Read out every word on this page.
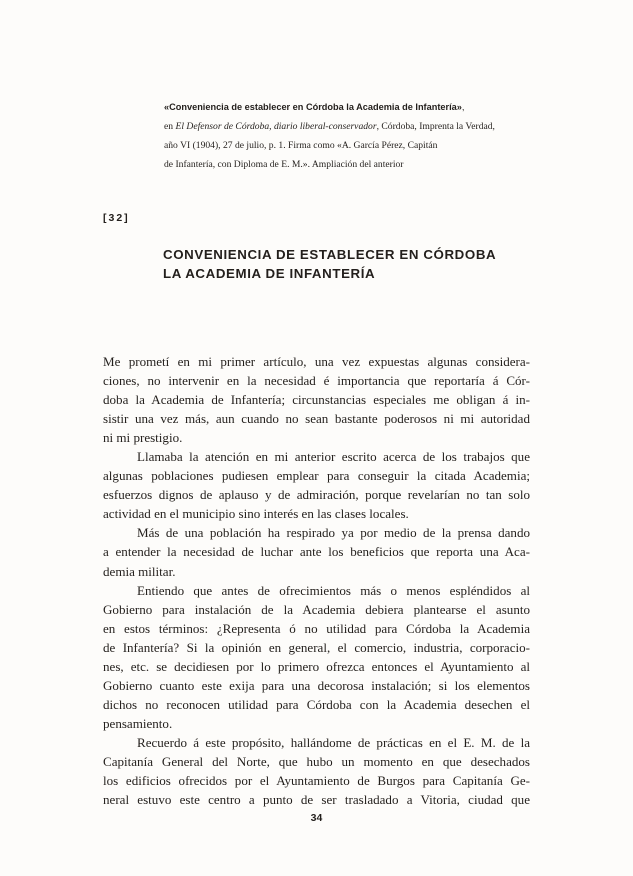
«Conveniencia de establecer en Córdoba la Academia de Infantería»,

en El Defensor de Córdoba, diario liberal-conservador, Córdoba, Imprenta la Verdad,

año VI (1904), 27 de julio, p. 1. Firma como «A. García Pérez, Capitán

de Infantería, con Diploma de E. M.». Ampliación del anterior

[32]
CONVENIENCIA DE ESTABLECER EN CÓRDOBA
LA ACADEMIA DE INFANTERÍA

Me prometí en mi primer artículo, una vez expuestas algunas considera-

ciones, no intervenir en la necesidad é importancia que reportaría á Cór-

doba la Academia de Infantería; circunstancias especiales me obligan á in-

sistir una vez más, aun cuando no sean bastante poderosos ni mi autoridad

ni mi prestigio.

Llamaba la atención en mi anterior escrito acerca de los trabajos que

algunas poblaciones pudiesen emplear para conseguir la citada Academia;

esfuerzos dignos de aplauso y de admiración, porque revelarían no tan solo

actividad en el municipio sino interés en las clases locales.

Más de una población ha respirado ya por medio de la prensa dando

a entender la necesidad de luchar ante los beneficios que reporta una Aca-

demia militar.

Entiendo que antes de ofrecimientos más o menos espléndidos al

Gobierno para instalación de la Academia debiera plantearse el asunto

en estos términos: ¿Representa ó no utilidad para Córdoba la Academia

de Infantería? Si la opinión en general, el comercio, industria, corporacio-

nes, etc. se decidiesen por lo primero ofrezca entonces el Ayuntamiento al

Gobierno cuanto este exija para una decorosa instalación; si los elementos

dichos no reconocen utilidad para Córdoba con la Academia desechen el

pensamiento.

Recuerdo á este propósito, hallándome de prácticas en el E. M. de la

Capitanía General del Norte, que hubo un momento en que desechados

los edificios ofrecidos por el Ayuntamiento de Burgos para Capitanía Ge-

neral estuvo este centro a punto de ser trasladado a Vitoria, ciudad que

34
